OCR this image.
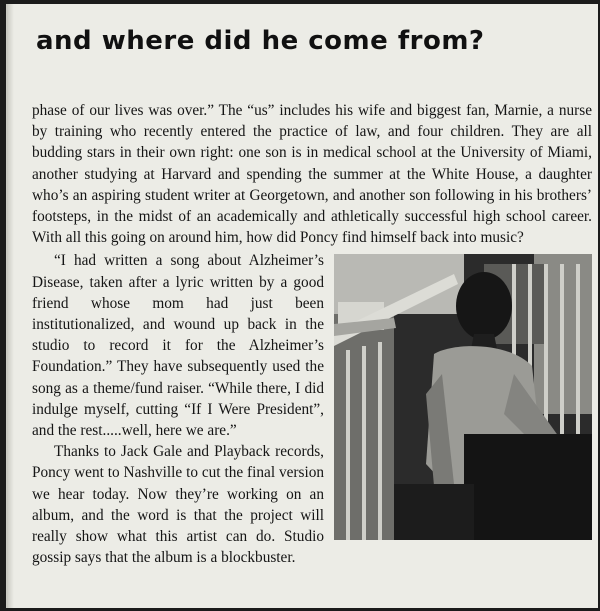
and where did he come from?

phase of our lives was over.” The “us” includes his wife and biggest fan, Marnie, a nurse by training who recently entered the practice of law, and four children. They are all budding stars in their own right: one son is in medical school at the University of Miami, another studying at Harvard and spending the summer at the White House, a daughter who’s an aspiring student writer at Georgetown, and another son following in his brothers’ footsteps, in the midst of an academically and athletically successful high school career. With all this going on around him, how did Poncy find himself back into music?

“I had written a song about Alzheimer’s Disease, taken after a lyric written by a good friend whose mom had just been institutionalized, and wound up back in the studio to record it for the Alzheimer’s Foundation.” They have subsequently used the song as a theme/fund raiser. “While there, I did indulge myself, cutting “If I Were President”, and the rest.....well, here we are.”

Thanks to Jack Gale and Playback records, Poncy went to Nashville to cut the final version we hear today. Now they’re working on an album, and the word is that the project will really show what this artist can do. Studio gossip says that the album is a blockbuster.
